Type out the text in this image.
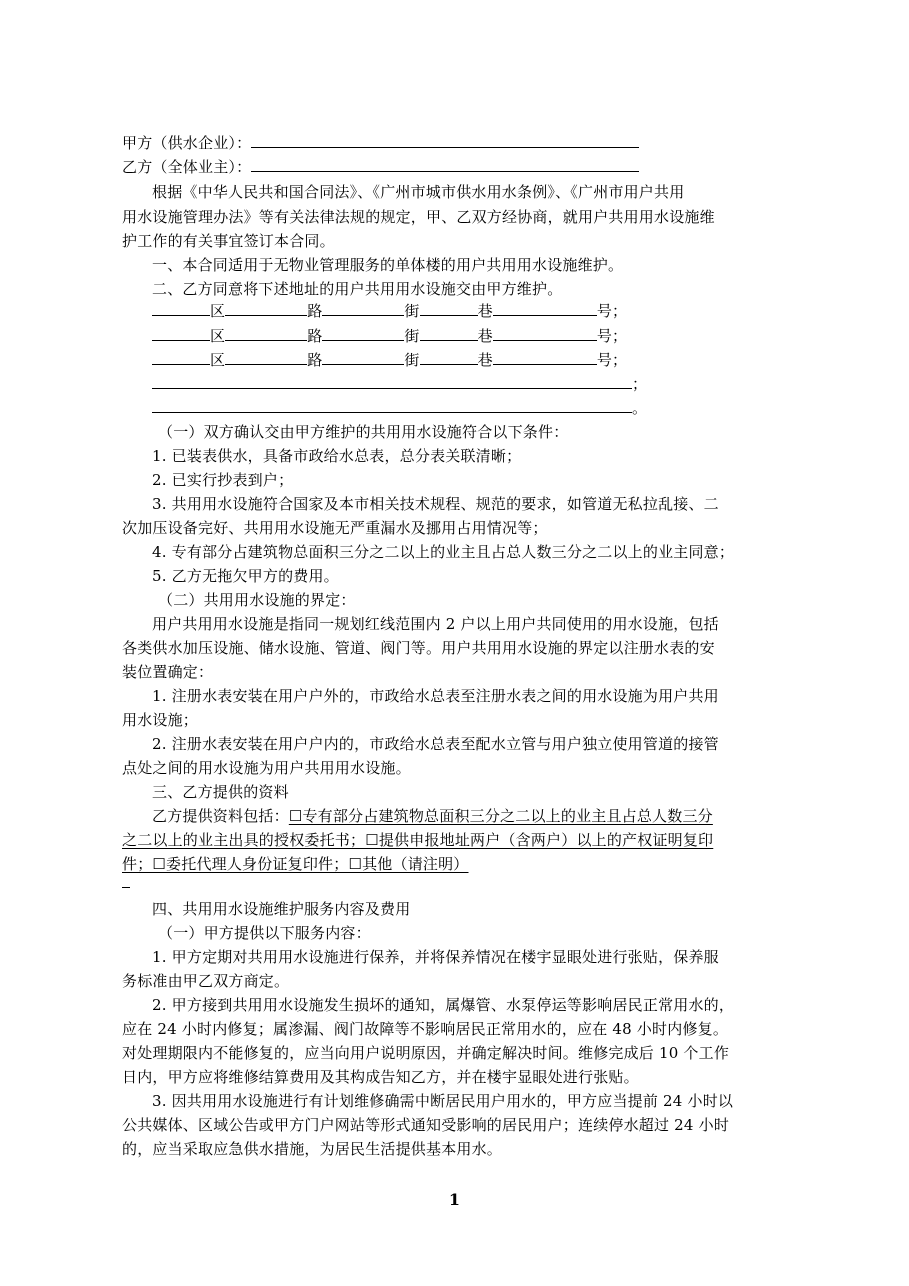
甲方（供水企业）：
乙方（全体业主）：
根据《中华人民共和国合同法》、《广州市城市供水用水条例》、《广州市用户共用
用水设施管理办法》等有关法律法规的规定，甲、乙双方经协商，就用户共用用水设施维
护工作的有关事宜签订本合同。
一、本合同适用于无物业管理服务的单体楼的用户共用用水设施维护。
二、乙方同意将下述地址的用户共用用水设施交由甲方维护。
区	路	街	巷	号；
区	路	街	巷	号；
区	路	街	巷	号；
；
。
（一）双方确认交由甲方维护的共用用水设施符合以下条件：
1. 已装表供水，具备市政给水总表，总分表关联清晰；
2. 已实行抄表到户；
3. 共用用水设施符合国家及本市相关技术规程、规范的要求，如管道无私拉乱接、二
次加压设备完好、共用用水设施无严重漏水及挪用占用情况等；
4. 专有部分占建筑物总面积三分之二以上的业主且占总人数三分之二以上的业主同意；
5. 乙方无拖欠甲方的费用。
（二）共用用水设施的界定：
用户共用用水设施是指同一规划红线范围内 2 户以上用户共同使用的用水设施，包括
各类供水加压设施、储水设施、管道、阀门等。用户共用用水设施的界定以注册水表的安
装位置确定：
1. 注册水表安装在用户户外的，市政给水总表至注册水表之间的用水设施为用户共用
用水设施；
2. 注册水表安装在用户户内的，市政给水总表至配水立管与用户独立使用管道的接管
点处之间的用水设施为用户共用用水设施。
三、乙方提供的资料
乙方提供资料包括：☐专有部分占建筑物总面积三分之二以上的业主且占总人数三分
之二以上的业主出具的授权委托书；☐提供申报地址两户（含两户）以上的产权证明复印
件；☐委托代理人身份证复印件；☐其他（请注明）
四、共用用水设施维护服务内容及费用
（一）甲方提供以下服务内容：
1. 甲方定期对共用用水设施进行保养，并将保养情况在楼宇显眼处进行张贴，保养服
务标准由甲乙双方商定。
2. 甲方接到共用用水设施发生损坏的通知，属爆管、水泵停运等影响居民正常用水的，
应在 24 小时内修复；属渗漏、阀门故障等不影响居民正常用水的，应在 48 小时内修复。
对处理期限内不能修复的，应当向用户说明原因，并确定解决时间。维修完成后 10 个工作
日内，甲方应将维修结算费用及其构成告知乙方，并在楼宇显眼处进行张贴。
3. 因共用用水设施进行有计划维修确需中断居民用户用水的，甲方应当提前 24 小时以
公共媒体、区域公告或甲方门户网站等形式通知受影响的居民用户；连续停水超过 24 小时
的，应当采取应急供水措施，为居民生活提供基本用水。
1
